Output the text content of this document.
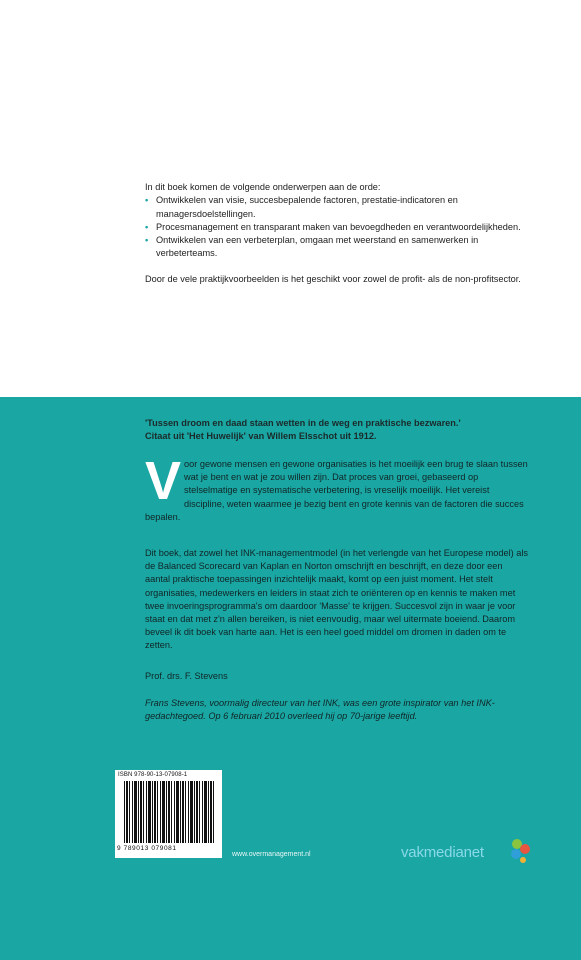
In dit boek komen de volgende onderwerpen aan de orde:

• Ontwikkelen van visie, succesbepalende factoren, prestatie-indicatoren en managersdoelstellingen.
• Procesmanagement en transparant maken van bevoegdheden en verantwoordelijkheden.
• Ontwikkelen van een verbeterplan, omgaan met weerstand en samenwerken in verbeterteams.

Door de vele praktijkvoorbeelden is het geschikt voor zowel de profit- als de non-profitsector.

'Tussen droom en daad staan wetten in de weg en praktische bezwaren.'

Citaat uit 'Het Huwelijk' van Willem Elsschot uit 1912.

V oor gewone mensen en gewone organisaties is het moeilijk een brug te slaan tussen wat je bent en wat je zou willen zijn. Dat proces van groei, gebaseerd op stelselmatige en systematische verbetering, is vreselijk moeilijk. Het vereist discipline, weten waarmee je bezig bent en grote kennis van de factoren die succes bepalen.

Dit boek, dat zowel het INK-managementmodel (in het verlengde van het Europese model) als de Balanced Scorecard van Kaplan en Norton omschrijft en beschrijft, en deze door een aantal praktische toepassingen inzichtelijk maakt, komt op een juist moment. Het stelt organisaties, medewerkers en leiders in staat zich te oriënteren op en kennis te maken met twee invoeringsprogramma's om daardoor 'Masse' te krijgen. Succesvol zijn in waar je voor staat en dat met z'n allen bereiken, is niet eenvoudig, maar wel uitermate boeiend. Daarom beveel ik dit boek van harte aan. Het is een heel goed middel om dromen in daden om te zetten.

Prof. drs. F. Stevens

Frans Stevens, voormalig directeur van het INK, was een grote inspirator van het INK-gedachtegoed. Op 6 februari 2010 overleed hij op 70-jarige leeftijd.

ISBN 978-90-13-07908-1
9 789013 079081
www.overmanagement.nl	vakmedianet
